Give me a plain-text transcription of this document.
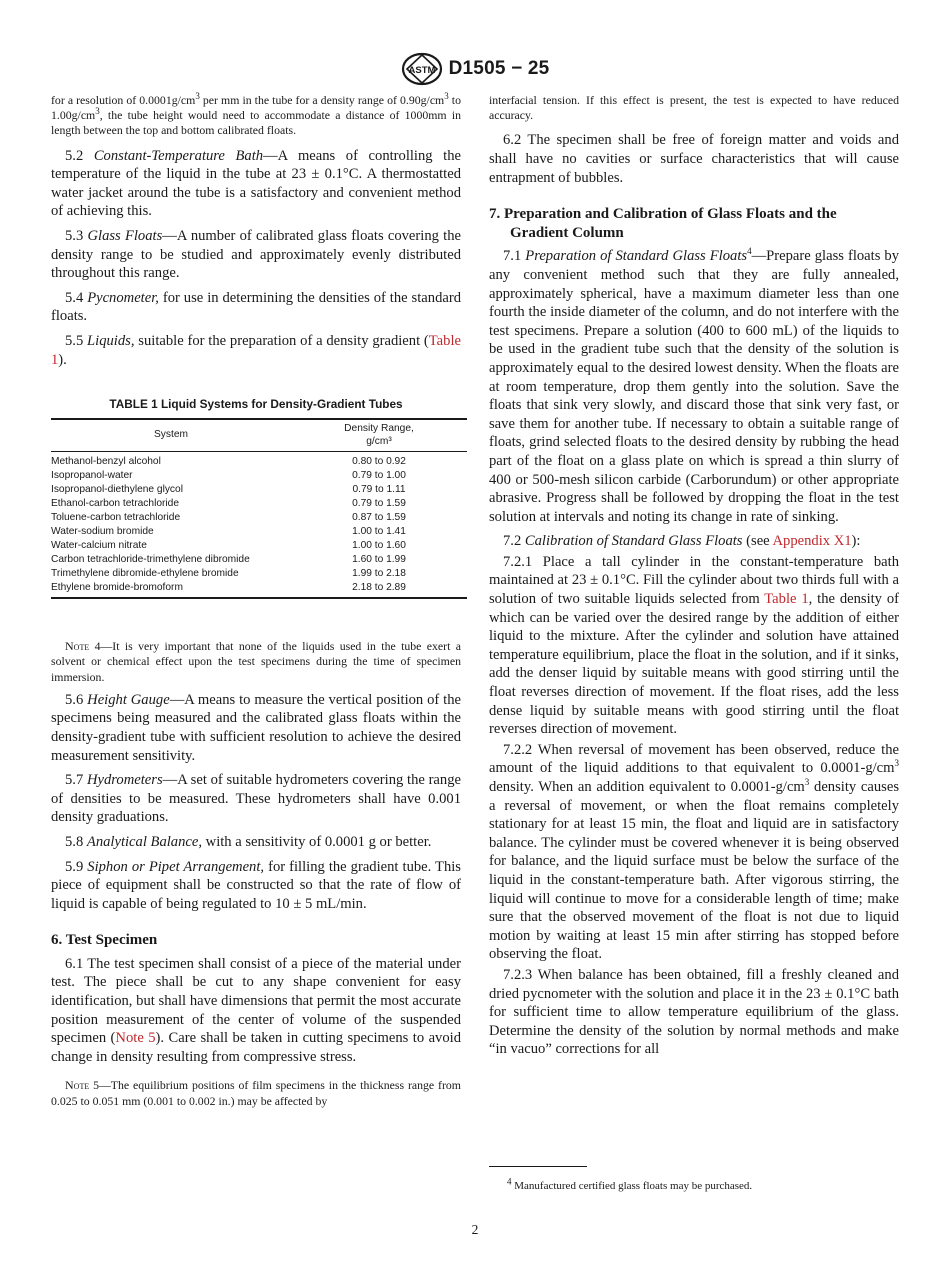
ASTM D1505 − 25

for a resolution of $0.0001g/cm^3$ per mm in the tube for a density range of $0.90g/cm^3$ to $1.00g/cm^3$, the tube height would need to accommodate a distance of 1000mm in length between the top and bottom calibrated floats.

5.2 Constant-Temperature Bath—A means of controlling the temperature of the liquid in the tube at 23 ± 0.1°C. A thermostatted water jacket around the tube is a satisfactory and convenient method of achieving this.

5.3 Glass Floats—A number of calibrated glass floats covering the density range to be studied and approximately evenly distributed throughout this range.

5.4 Pycnometer, for use in determining the densities of the standard floats.

5.5 Liquids, suitable for the preparation of a density gradient (Table 1).

TABLE 1 Liquid Systems for Density-Gradient Tubes
System	Density Range,
g/cm³
Methanol-benzyl alcohol	0.80 to 0.92
Isopropanol-water	0.79 to 1.00
Isopropanol-diethylene glycol	0.79 to 1.11
Ethanol-carbon tetrachloride	0.79 to 1.59
Toluene-carbon tetrachloride	0.87 to 1.59
Water-sodium bromide	1.00 to 1.41
Water-calcium nitrate	1.00 to 1.60
Carbon tetrachloride-trimethylene dibromide	1.60 to 1.99
Trimethylene dibromide-ethylene bromide	1.99 to 2.18
Ethylene bromide-bromoform	2.18 to 2.89

Note 4—It is very important that none of the liquids used in the tube exert a solvent or chemical effect upon the test specimens during the time of specimen immersion.

5.6 Height Gauge—A means to measure the vertical position of the specimens being measured and the calibrated glass floats within the density-gradient tube with sufficient resolution to achieve the desired measurement sensitivity.

5.7 Hydrometers—A set of suitable hydrometers covering the range of densities to be measured. These hydrometers shall have 0.001 density graduations.

5.8 Analytical Balance, with a sensitivity of 0.0001 g or better.

5.9 Siphon or Pipet Arrangement, for filling the gradient tube. This piece of equipment shall be constructed so that the rate of flow of liquid is capable of being regulated to 10 ± 5 mL/min.

6. Test Specimen

6.1 The test specimen shall consist of a piece of the material under test. The piece shall be cut to any shape convenient for easy identification, but shall have dimensions that permit the most accurate position measurement of the center of volume of the suspended specimen (Note 5). Care shall be taken in cutting specimens to avoid change in density resulting from compressive stress.

Note 5—The equilibrium positions of film specimens in the thickness range from 0.025 to 0.051 mm (0.001 to 0.002 in.) may be affected by

interfacial tension. If this effect is present, the test is expected to have reduced accuracy.

6.2 The specimen shall be free of foreign matter and voids and shall have no cavities or surface characteristics that will cause entrapment of bubbles.

7. Preparation and Calibration of Glass Floats and the
Gradient Column

7.1 Preparation of Standard Glass Floats$^4$—Prepare glass floats by any convenient method such that they are fully annealed, approximately spherical, have a maximum diameter less than one fourth the inside diameter of the column, and do not interfere with the test specimens. Prepare a solution (400 to 600 mL) of the liquids to be used in the gradient tube such that the density of the solution is approximately equal to the desired lowest density. When the floats are at room temperature, drop them gently into the solution. Save the floats that sink very slowly, and discard those that sink very fast, or save them for another tube. If necessary to obtain a suitable range of floats, grind selected floats to the desired density by rubbing the head part of the float on a glass plate on which is spread a thin slurry of 400 or 500-mesh silicon carbide (Carborundum) or other appropriate abrasive. Progress shall be followed by dropping the float in the test solution at intervals and noting its change in rate of sinking.

7.2 Calibration of Standard Glass Floats (see Appendix X1):

7.2.1 Place a tall cylinder in the constant-temperature bath maintained at 23 ± 0.1°C. Fill the cylinder about two thirds full with a solution of two suitable liquids selected from Table 1, the density of which can be varied over the desired range by the addition of either liquid to the mixture. After the cylinder and solution have attained temperature equilibrium, place the float in the solution, and if it sinks, add the denser liquid by suitable means with good stirring until the float reverses direction of movement. If the float rises, add the less dense liquid by suitable means with good stirring until the float reverses direction of movement.

7.2.2 When reversal of movement has been observed, reduce the amount of the liquid additions to that equivalent to $0.0001-g/cm^3$ density. When an addition equivalent to $0.0001-g/cm^3$ density causes a reversal of movement, or when the float remains completely stationary for at least 15 min, the float and liquid are in satisfactory balance. The cylinder must be covered whenever it is being observed for balance, and the liquid surface must be below the surface of the liquid in the constant-temperature bath. After vigorous stirring, the liquid will continue to move for a considerable length of time; make sure that the observed movement of the float is not due to liquid motion by waiting at least 15 min after stirring has stopped before observing the float.

7.2.3 When balance has been obtained, fill a freshly cleaned and dried pycnometer with the solution and place it in the 23 ± 0.1°C bath for sufficient time to allow temperature equilibrium of the glass. Determine the density of the solution by normal methods and make “in vacuo” corrections for all

$^4$ Manufactured certified glass floats may be purchased.
2
